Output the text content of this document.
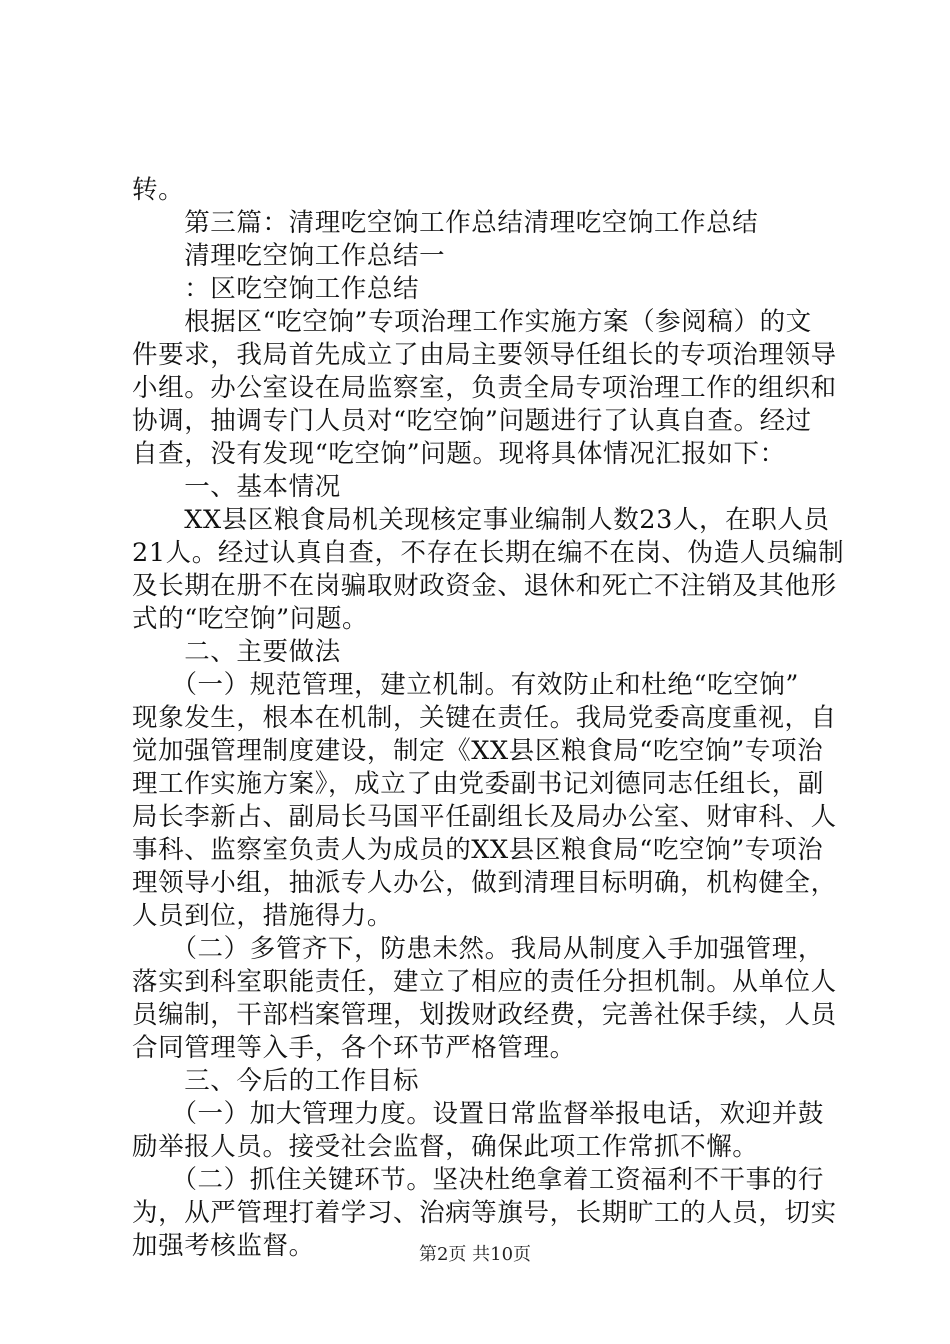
转。
　　第三篇：清理吃空饷工作总结清理吃空饷工作总结
　　清理吃空饷工作总结一
　　：区吃空饷工作总结
　　根据区“吃空饷”专项治理工作实施方案（参阅稿）的文
件要求，我局首先成立了由局主要领导任组长的专项治理领导
小组。办公室设在局监察室，负责全局专项治理工作的组织和
协调，抽调专门人员对“吃空饷”问题进行了认真自查。经过
自查，没有发现“吃空饷”问题。现将具体情况汇报如下：
　　一、基本情况
　　XX县区粮食局机关现核定事业编制人数23人，在职人员
21人。经过认真自查，不存在长期在编不在岗、伪造人员编制
及长期在册不在岗骗取财政资金、退休和死亡不注销及其他形
式的“吃空饷”问题。
　　二、主要做法
　　（一）规范管理，建立机制。有效防止和杜绝“吃空饷”
现象发生，根本在机制，关键在责任。我局党委高度重视，自
觉加强管理制度建设，制定《XX县区粮食局“吃空饷”专项治
理工作实施方案》，成立了由党委副书记刘德同志任组长，副
局长李新占、副局长马国平任副组长及局办公室、财审科、人
事科、监察室负责人为成员的XX县区粮食局“吃空饷”专项治
理领导小组，抽派专人办公，做到清理目标明确，机构健全，
人员到位，措施得力。
　　（二）多管齐下，防患未然。我局从制度入手加强管理，
落实到科室职能责任，建立了相应的责任分担机制。从单位人
员编制，干部档案管理，划拨财政经费，完善社保手续，人员
合同管理等入手，各个环节严格管理。
　　三、今后的工作目标
　　（一）加大管理力度。设置日常监督举报电话，欢迎并鼓
励举报人员。接受社会监督，确保此项工作常抓不懈。
　　（二）抓住关键环节。坚决杜绝拿着工资福利不干事的行
为，从严管理打着学习、治病等旗号，长期旷工的人员，切实
加强考核监督。	第2页 共10页
